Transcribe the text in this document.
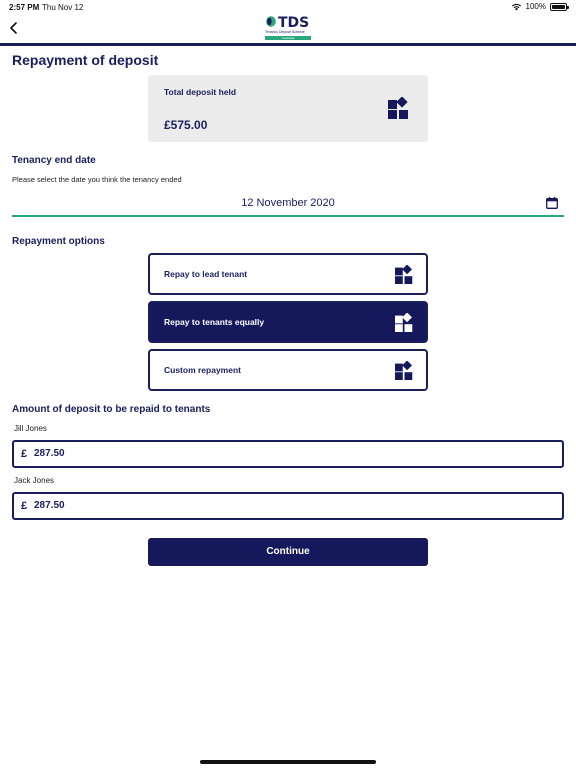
2:57 PM Thu Nov 12	100%
TDS
Tenancy Deposit Scheme
Custodial
Repayment of deposit
Total deposit held
£575.00
Tenancy end date
Please select the date you think the tenancy ended
12 November 2020
Repayment options
Repay to lead tenant
Repay to tenants equally
Custom repayment
Amount of deposit to be repaid to tenants
Jill Jones
£ 287.50
Jack Jones
£ 287.50
Continue
